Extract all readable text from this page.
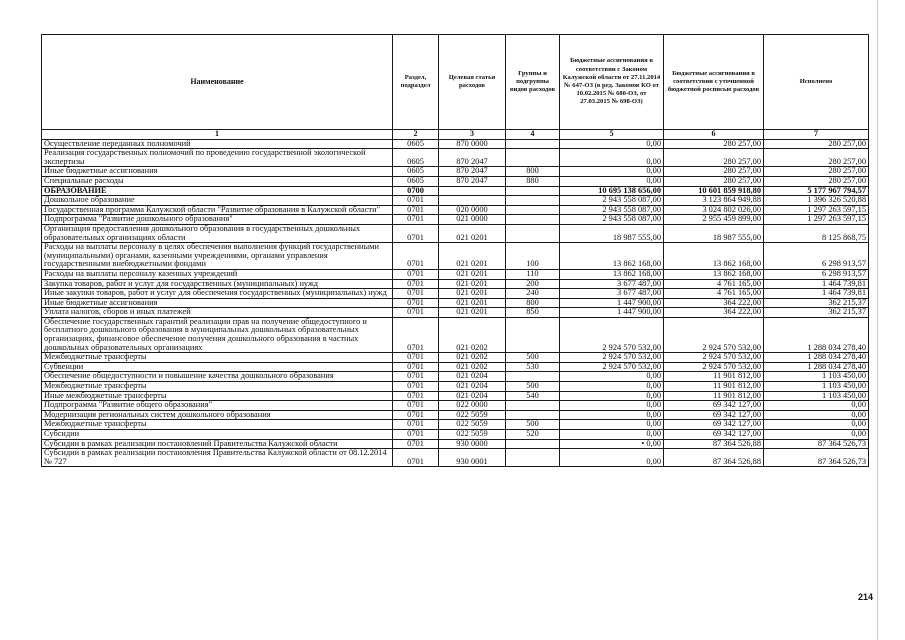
Наименование	Раздел, подраздел	Целевая статья расходов	Группы и подгруппы видов расходов	Бюджетные ассигнования в соответствии с Законом Калужской области от 27.11.2014 № 647-ОЗ (в ред. Законов КО от 10.02.2015 № 680-ОЗ, от 27.03.2015 № 698-ОЗ)	Бюджетные ассигнования в соответствии с уточненной бюджетной росписью расходов	Исполнено
1	2	3	4	5	6	7
Осуществление переданных полномочий	0605	870 0000		0,00	280 257,00	280 257,00
Реализация государственных полномочий по проведению государственной экологической экспертизы	0605	870 2047		0,00	280 257,00	280 257,00
Иные бюджетные ассигнования	0605	870 2047	800	0,00	280 257,00	280 257,00
Специальные расходы	0605	870 2047	880	0,00	280 257,00	280 257,00
ОБРАЗОВАНИЕ	0700			10 695 138 656,00	10 601 859 918,80	5 177 967 794,57
Дошкольное образование	0701			2 943 558 087,00	3 123 864 949,88	1 396 326 520,88
Государственная программа Калужской области "Развитие образования в Калужской области"	0701	020 0000		2 943 558 087,00	3 024 802 026,00	1 297 263 597,15
Подпрограмма "Развитие дошкольного образования"	0701	021 0000		2 943 558 087,00	2 955 459 899,00	1 297 263 597,15
Организация предоставления дошкольного образования в государственных дошкольных образовательных организациях области	0701	021 0201		18 987 555,00	18 987 555,00	8 125 868,75
Расходы на выплаты персоналу в целях обеспечения выполнения функций государственными (муниципальными) органами, казенными учреждениями, органами управления государственными внебюджетными фондами	0701	021 0201	100	13 862 168,00	13 862 168,00	6 298 913,57
Расходы на выплаты персоналу казенных учреждений	0701	021 0201	110	13 862 168,00	13 862 168,00	6 298 913,57
Закупка товаров, работ и услуг для государственных (муниципальных) нужд	0701	021 0201	200	3 677 487,00	4 761 165,00	1 464 739,81
Иные закупки товаров, работ и услуг для обеспечения государственных (муниципальных) нужд	0701	021 0201	240	3 677 487,00	4 761 165,00	1 464 739,81
Иные бюджетные ассигнования	0701	021 0201	800	1 447 900,00	364 222,00	362 215,37
Уплата налогов, сборов и иных платежей	0701	021 0201	850	1 447 900,00	364 222,00	362 215,37
Обеспечение государственных гарантий реализации прав на получение общедоступного и бесплатного дошкольного образования в муниципальных дошкольных образовательных организациях, финансовое обеспечение получения дошкольного образования в частных дошкольных образовательных организациях	0701	021 0202		2 924 570 532,00	2 924 570 532,00	1 288 034 278,40
Межбюджетные трансферты	0701	021 0202	500	2 924 570 532,00	2 924 570 532,00	1 288 034 278,40
Субвенции	0701	021 0202	530	2 924 570 532,00	2 924 570 532,00	1 288 034 278,40
Обеспечение общедоступности и повышение качества дошкольного образования	0701	021 0204		0,00	11 901 812,00	1 103 450,00
Межбюджетные трансферты	0701	021 0204	500	0,00	11 901 812,00	1 103 450,00
Иные межбюджетные трансферты	0701	021 0204	540	0,00	11 901 812,00	1 103 450,00
Подпрограмма "Развитие общего образования"	0701	022 0000		0,00	69 342 127,00	0,00
Модернизация региональных систем дошкольного образования	0701	022 5059		0,00	69 342 127,00	0,00
Межбюджетные трансферты	0701	022 5059	500	0,00	69 342 127,00	0,00
Субсидии	0701	022 5059	520	0,00	69 342 127,00	0,00
Субсидии в рамках реализации постановлений Правительства Калужской области	0701	930 0000		• 0,00	87 364 526,88	87 364 526,73
Субсидии в рамках реализации постановления Правительства Калужской области от 08.12.2014 № 727	0701	930 0001		0,00	87 364 526,88	87 364 526,73
214
